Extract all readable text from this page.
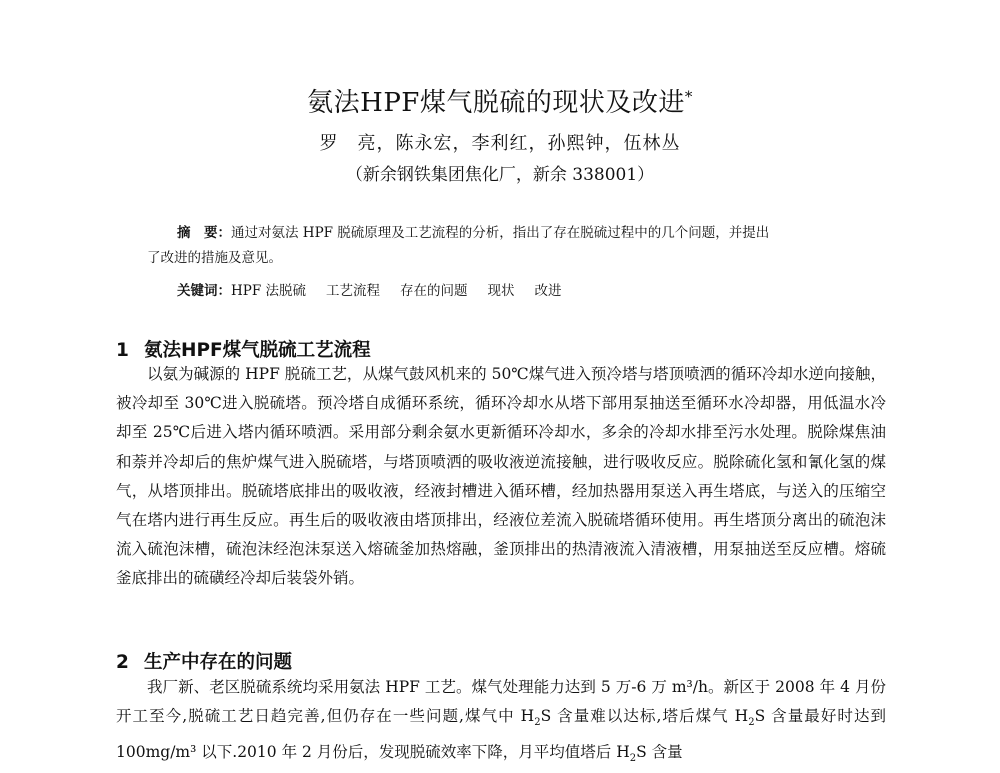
氨法HPF煤气脱硫的现状及改进*
罗　亮，陈永宏，李利红，孙熙钟，伍林丛
（新余钢铁集团焦化厂，新余 338001）
摘　要：通过对氨法 HPF 脱硫原理及工艺流程的分析，指出了存在脱硫过程中的几个问题，并提出
了改进的措施及意见。
关键词：HPF 法脱硫 工艺流程 存在的问题 现状 改进
1 氨法HPF煤气脱硫工艺流程
以氨为碱源的 HPF 脱硫工艺，从煤气鼓风机来的 50℃煤气进入预冷塔与塔顶喷洒的循环冷却水逆向接触，被冷却至 30℃进入脱硫塔。预冷塔自成循环系统，循环冷却水从塔下部用泵抽送至循环水冷却器，用低温水冷却至 25℃后进入塔内循环喷洒。采用部分剩余氨水更新循环冷却水，多余的冷却水排至污水处理。脱除煤焦油和萘并冷却后的焦炉煤气进入脱硫塔，与塔顶喷洒的吸收液逆流接触，进行吸收反应。脱除硫化氢和氰化氢的煤气，从塔顶排出。脱硫塔底排出的吸收液，经液封槽进入循环槽，经加热器用泵送入再生塔底，与送入的压缩空气在塔内进行再生反应。再生后的吸收液由塔顶排出，经液位差流入脱硫塔循环使用。再生塔顶分离出的硫泡沫流入硫泡沫槽，硫泡沫经泡沫泵送入熔硫釜加热熔融，釜顶排出的热清液流入清液槽，用泵抽送至反应槽。熔硫釜底排出的硫磺经冷却后装袋外销。
2 生产中存在的问题
我厂新、老区脱硫系统均采用氨法 HPF 工艺。煤气处理能力达到 5 万-6 万 m³/h。新区于 2008 年 4 月份开工至今,脱硫工艺日趋完善,但仍存在一些问题,煤气中 $H_2S$ 含量难以达标,塔后煤气 $H_2S$ 含量最好时达到 100mg/m³ 以下.2010 年 2 月份后，发现脱硫效率下降，月平均值塔后 $H_2S$ 含量
